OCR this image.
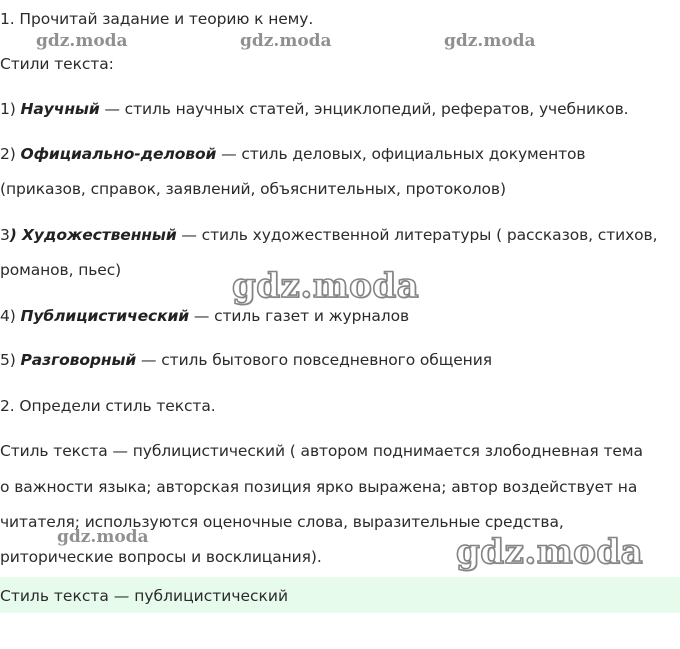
1. Прочитай задание и теорию к нему.
Стили текста:
1) Научный — стиль научных статей, энциклопедий, рефератов, учебников.
2) Официально-деловой — стиль деловых, официальных документов
(приказов, справок, заявлений, объяснительных, протоколов)
3) Художественный — стиль художественной литературы ( рассказов, стихов,
романов, пьес)
4) Публицистический — стиль газет и журналов
5) Разговорный — стиль бытового повседневного общения
2. Определи стиль текста.
Стиль текста — публицистический ( автором поднимается злободневная тема
о важности языка; авторская позиция ярко выражена; автор воздействует на
читателя; используются оценочные слова, выразительные средства,
риторические вопросы и восклицания).
Стиль текста — публицистический
gdz.moda	gdz.moda	gdz.moda
gdz.moda
gdz.moda	gdz.moda
